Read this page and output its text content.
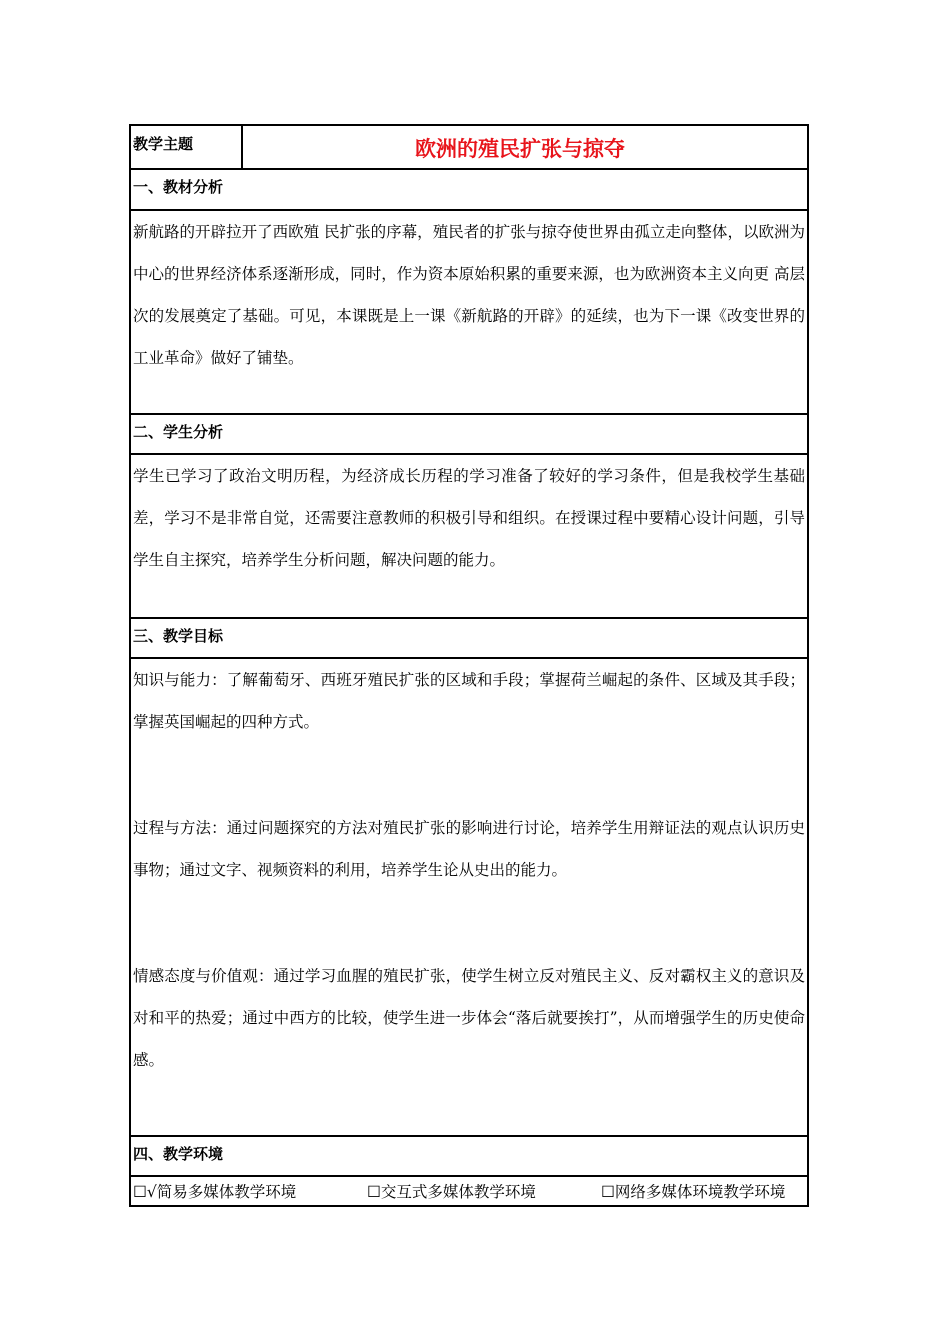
教学主题	欧洲的殖民扩张与掠夺
一、教材分析
新航路的开辟拉开了西欧殖 民扩张的序幕，殖民者的扩张与掠夺使世界由孤立走向整体，以欧洲为中心的世界经济体系逐渐形成，同时，作为资本原始积累的重要来源，也为欧洲资本主义向更 高层次的发展奠定了基础。可见，本课既是上一课《新航路的开辟》的延续，也为下一课《改变世界的工业革命》做好了铺垫。
二、学生分析
学生已学习了政治文明历程，为经济成长历程的学习准备了较好的学习条件，但是我校学生基础差，学习不是非常自觉，还需要注意教师的积极引导和组织。在授课过程中要精心设计问题，引导学生自主探究，培养学生分析问题，解决问题的能力。
三、教学目标
知识与能力：了解葡萄牙、西班牙殖民扩张的区域和手段；掌握荷兰崛起的条件、区域及其手段；掌握英国崛起的四种方式。
过程与方法：通过问题探究的方法对殖民扩张的影响进行讨论，培养学生用辩证法的观点认识历史事物；通过文字、视频资料的利用，培养学生论从史出的能力。
情感态度与价值观：通过学习血腥的殖民扩张，使学生树立反对殖民主义、反对霸权主义的意识及对和平的热爱；通过中西方的比较，使学生进一步体会“落后就要挨打”，从而增强学生的历史使命感。
四、教学环境
☐√简易多媒体教学环境	☐交互式多媒体教学环境	☐网络多媒体环境教学环境
